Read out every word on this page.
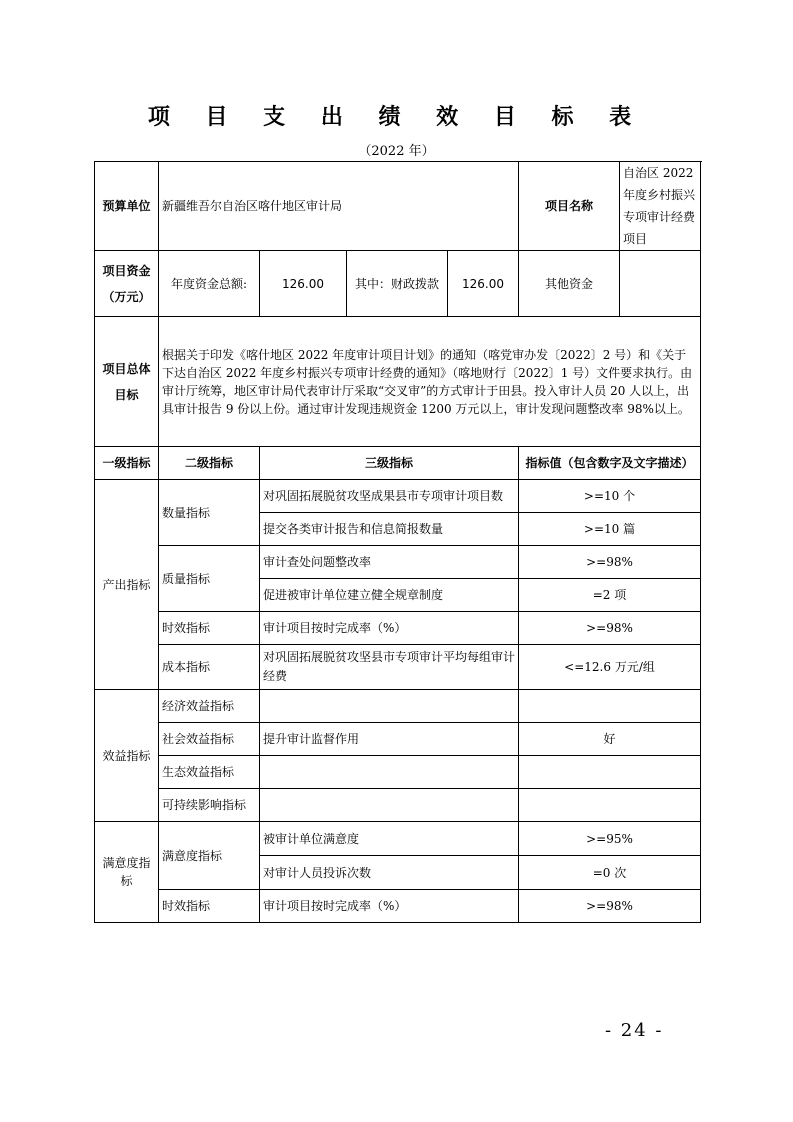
项 目 支 出 绩 效 目 标 表
（2022 年）
预算单位	新疆维吾尔自治区喀什地区审计局				项目名称	自治区 2022 年度乡村振兴专项审计经费项目
项目资金
（万元）	年度资金总额:	126.00	其中：财政拨款	126.00	其他资金	
项目总体目标	根据关于印发《喀什地区 2022 年度审计项目计划》的通知（喀党审办发〔2022〕2 号）和《关于下达自治区 2022 年度乡村振兴专项审计经费的通知》（喀地财行〔2022〕1 号）文件要求执行。由审计厅统筹，地区审计局代表审计厅采取“交叉审”的方式审计于田县。投入审计人员 20 人以上，出具审计报告 9 份以上份。通过审计发现违规资金 1200 万元以上，审计发现问题整改率 98%以上。					
一级指标	二级指标	三级指标			指标值（包含数字及文字描述）	
产出指标	数量指标	对巩固拓展脱贫攻坚成果县市专项审计项目数			>=10 个	
		提交各类审计报告和信息简报数量			>=10 篇	
	质量指标	审计查处问题整改率			>=98%	
		促进被审计单位建立健全规章制度			=2 项	
	时效指标	审计项目按时完成率（%）			>=98%	
	成本指标	对巩固拓展脱贫攻坚县市专项审计平均每组审计经费			<=12.6 万元/组	
效益指标	经济效益指标					
	社会效益指标	提升审计监督作用			好	
	生态效益指标					
	可持续影响指标					
满意度指标	满意度指标	被审计单位满意度			>=95%	
		对审计人员投诉次数			=0 次	
	时效指标	审计项目按时完成率（%）			>=98%	
- 24 -
